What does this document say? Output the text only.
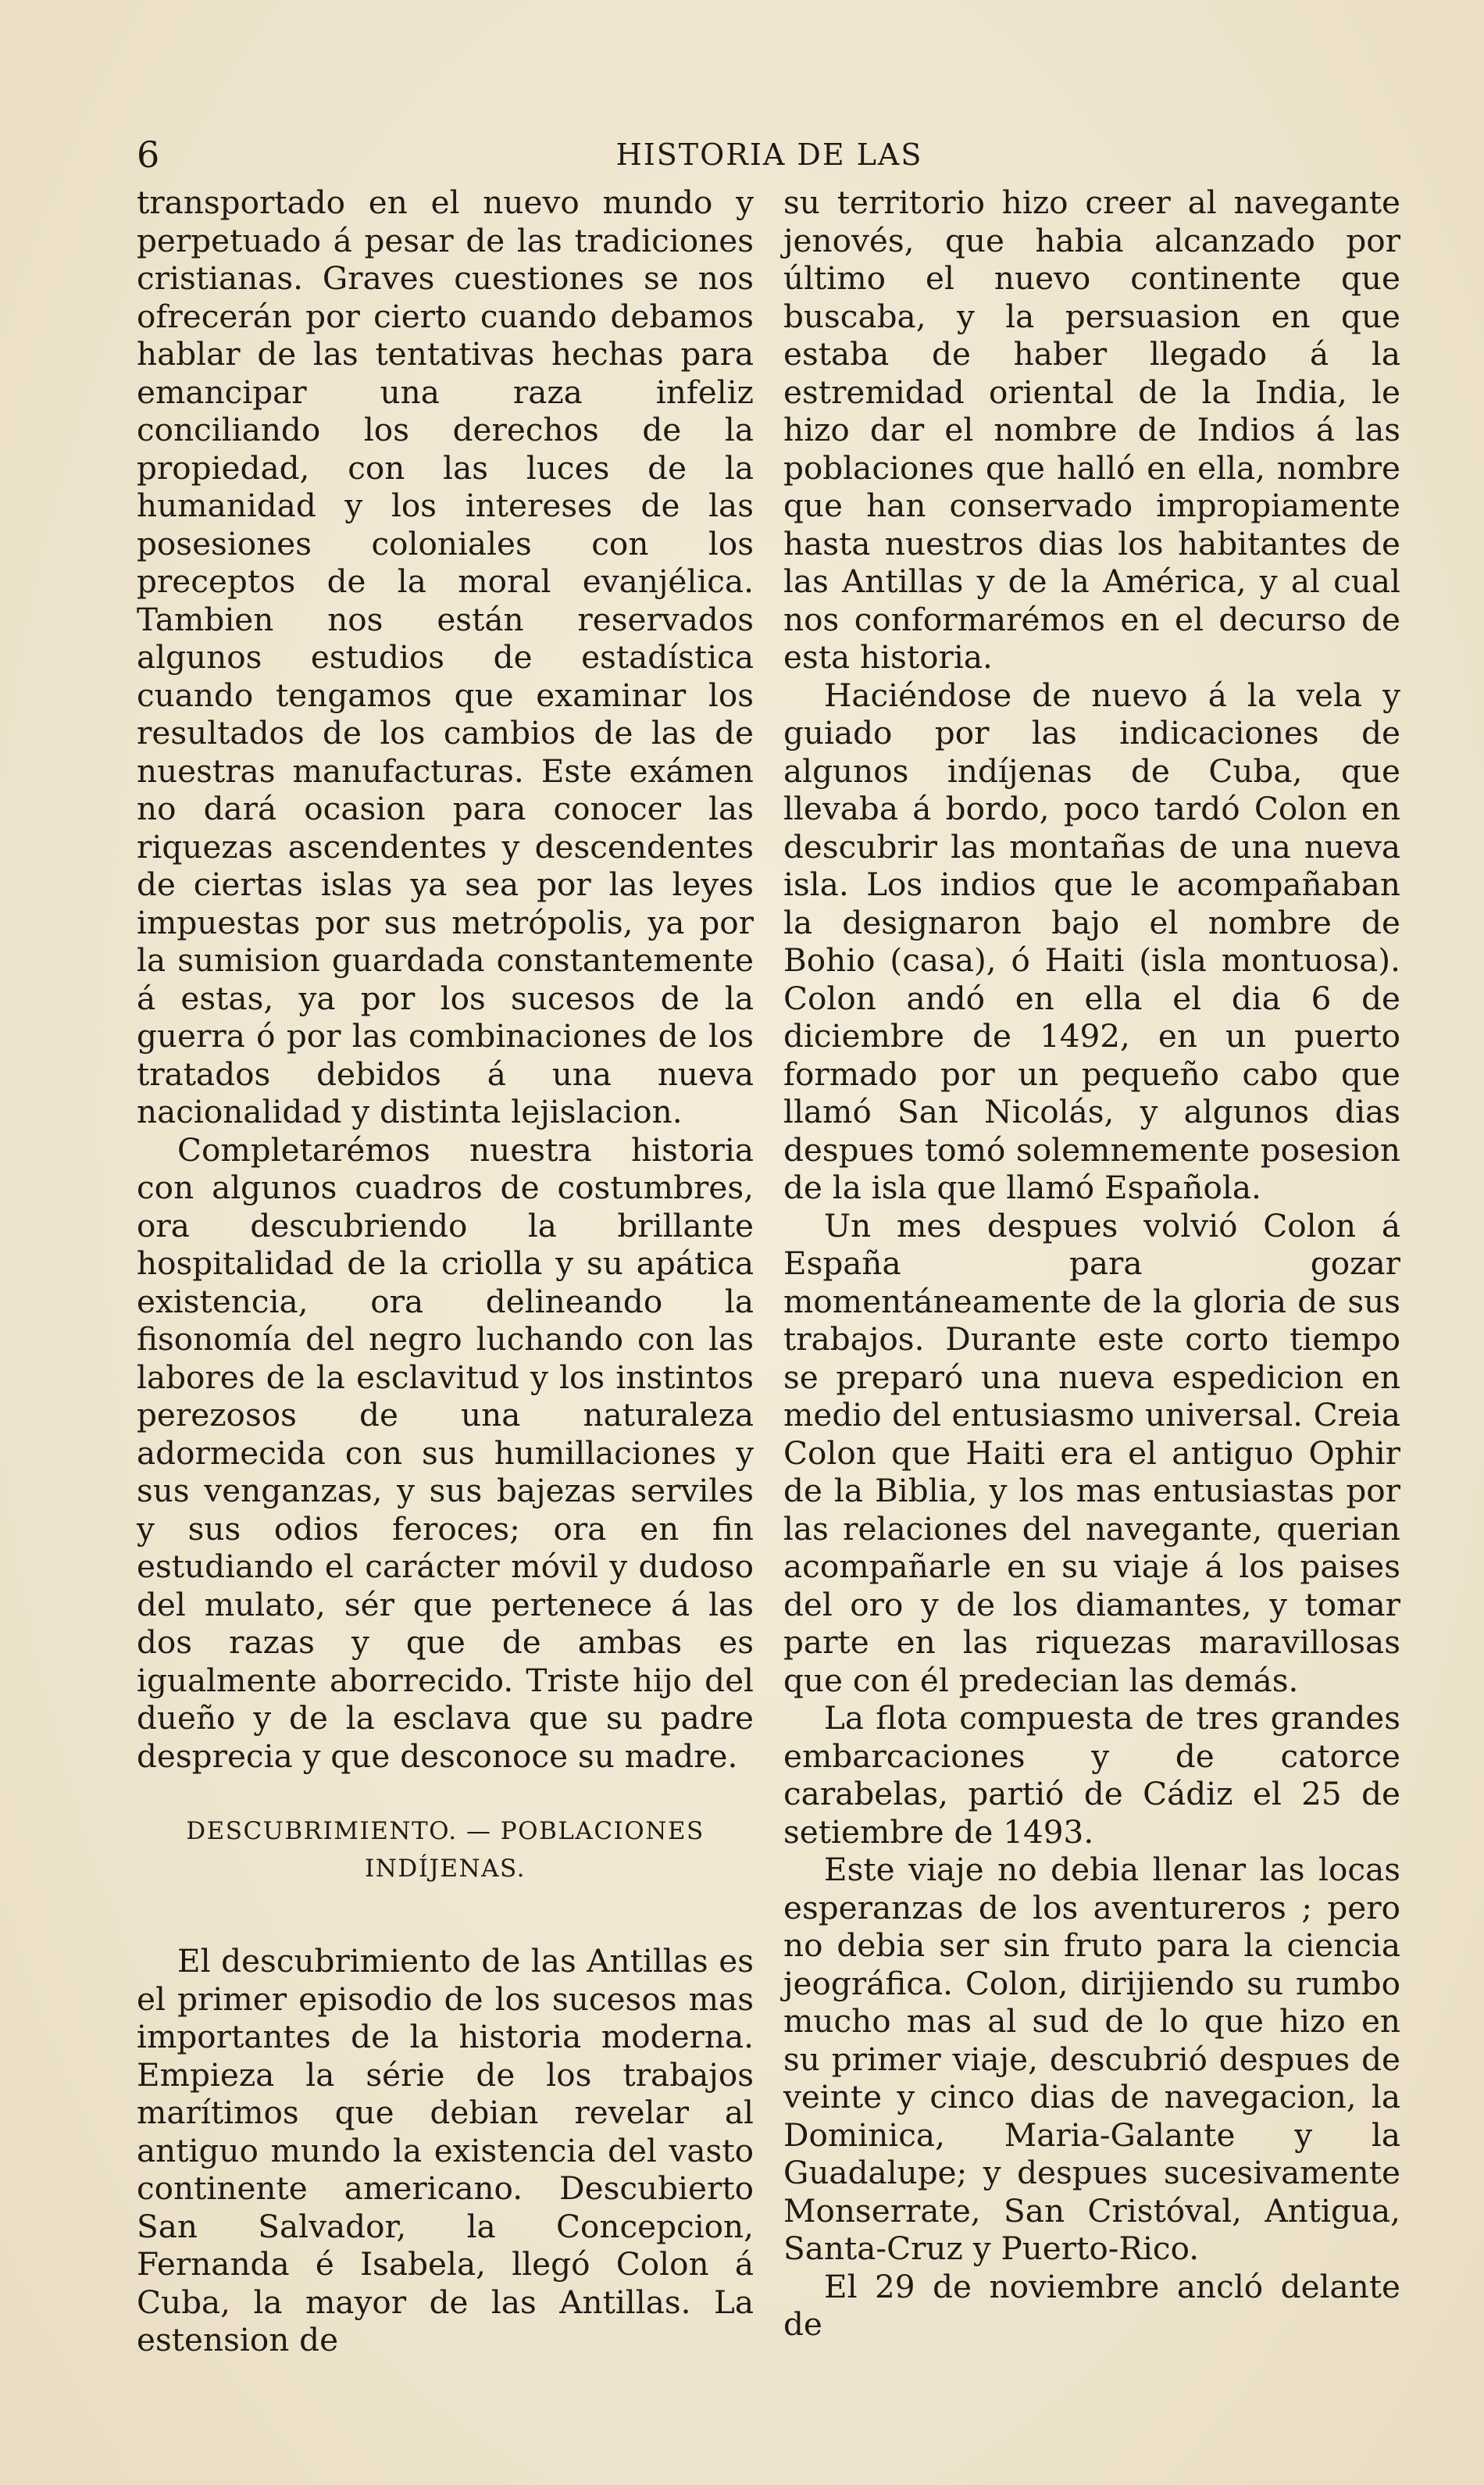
6	HISTORIA DE LAS

transportado en el nuevo mundo y perpetuado á pesar de las tradiciones cristianas. Graves cuestiones se nos ofrecerán por cierto cuando debamos hablar de las tentativas hechas para emancipar una raza infeliz conciliando los derechos de la propiedad, con las luces de la humanidad y los intereses de las posesiones coloniales con los preceptos de la moral evanjélica. Tambien nos están reservados algunos estudios de estadística cuando tengamos que examinar los resultados de los cambios de las de nuestras manufacturas. Este exámen no dará ocasion para conocer las riquezas ascendentes y descendentes de ciertas islas ya sea por las leyes impuestas por sus metrópolis, ya por la sumision guardada constantemente á estas, ya por los sucesos de la guerra ó por las combinaciones de los tratados debidos á una nueva nacionalidad y distinta lejislacion.

Completarémos nuestra historia con algunos cuadros de costumbres, ora descubriendo la brillante hospitalidad de la criolla y su apática existencia, ora delineando la fisonomía del negro luchando con las labores de la esclavitud y los instintos perezosos de una naturaleza adormecida con sus humillaciones y sus venganzas, y sus bajezas serviles y sus odios feroces; ora en fin estudiando el carácter móvil y dudoso del mulato, sér que pertenece á las dos razas y que de ambas es igualmente aborrecido. Triste hijo del dueño y de la esclava que su padre desprecia y que desconoce su madre.

DESCUBRIMIENTO. — POBLACIONES INDÍJENAS.

El descubrimiento de las Antillas es el primer episodio de los sucesos mas importantes de la historia moderna. Empieza la série de los trabajos marítimos que debian revelar al antiguo mundo la existencia del vasto continente americano. Descubierto San Salvador, la Concepcion, Fernanda é Isabela, llegó Colon á Cuba, la mayor de las Antillas. La estension de

su territorio hizo creer al navegante jenovés, que habia alcanzado por último el nuevo continente que buscaba, y la persuasion en que estaba de haber llegado á la estremidad oriental de la India, le hizo dar el nombre de Indios á las poblaciones que halló en ella, nombre que han conservado impropiamente hasta nuestros dias los habitantes de las Antillas y de la América, y al cual nos conformarémos en el decurso de esta historia.

Haciéndose de nuevo á la vela y guiado por las indicaciones de algunos indíjenas de Cuba, que llevaba á bordo, poco tardó Colon en descubrir las montañas de una nueva isla. Los indios que le acompañaban la designaron bajo el nombre de Bohio (casa), ó Haiti (isla montuosa). Colon andó en ella el dia 6 de diciembre de 1492, en un puerto formado por un pequeño cabo que llamó San Nicolás, y algunos dias despues tomó solemnemente posesion de la isla que llamó Española.

Un mes despues volvió Colon á España para gozar momentáneamente de la gloria de sus trabajos. Durante este corto tiempo se preparó una nueva espedicion en medio del entusiasmo universal. Creia Colon que Haiti era el antiguo Ophir de la Biblia, y los mas entusiastas por las relaciones del navegante, querian acompañarle en su viaje á los paises del oro y de los diamantes, y tomar parte en las riquezas maravillosas que con él predecian las demás.

La flota compuesta de tres grandes embarcaciones y de catorce carabelas, partió de Cádiz el 25 de setiembre de 1493.

Este viaje no debia llenar las locas esperanzas de los aventureros ; pero no debia ser sin fruto para la ciencia jeográfica. Colon, dirijiendo su rumbo mucho mas al sud de lo que hizo en su primer viaje, descubrió despues de veinte y cinco dias de navegacion, la Dominica, Maria-Galante y la Guadalupe; y despues sucesivamente Monserrate, San Cristóval, Antigua, Santa-Cruz y Puerto-Rico.

El 29 de noviembre ancló delante de
